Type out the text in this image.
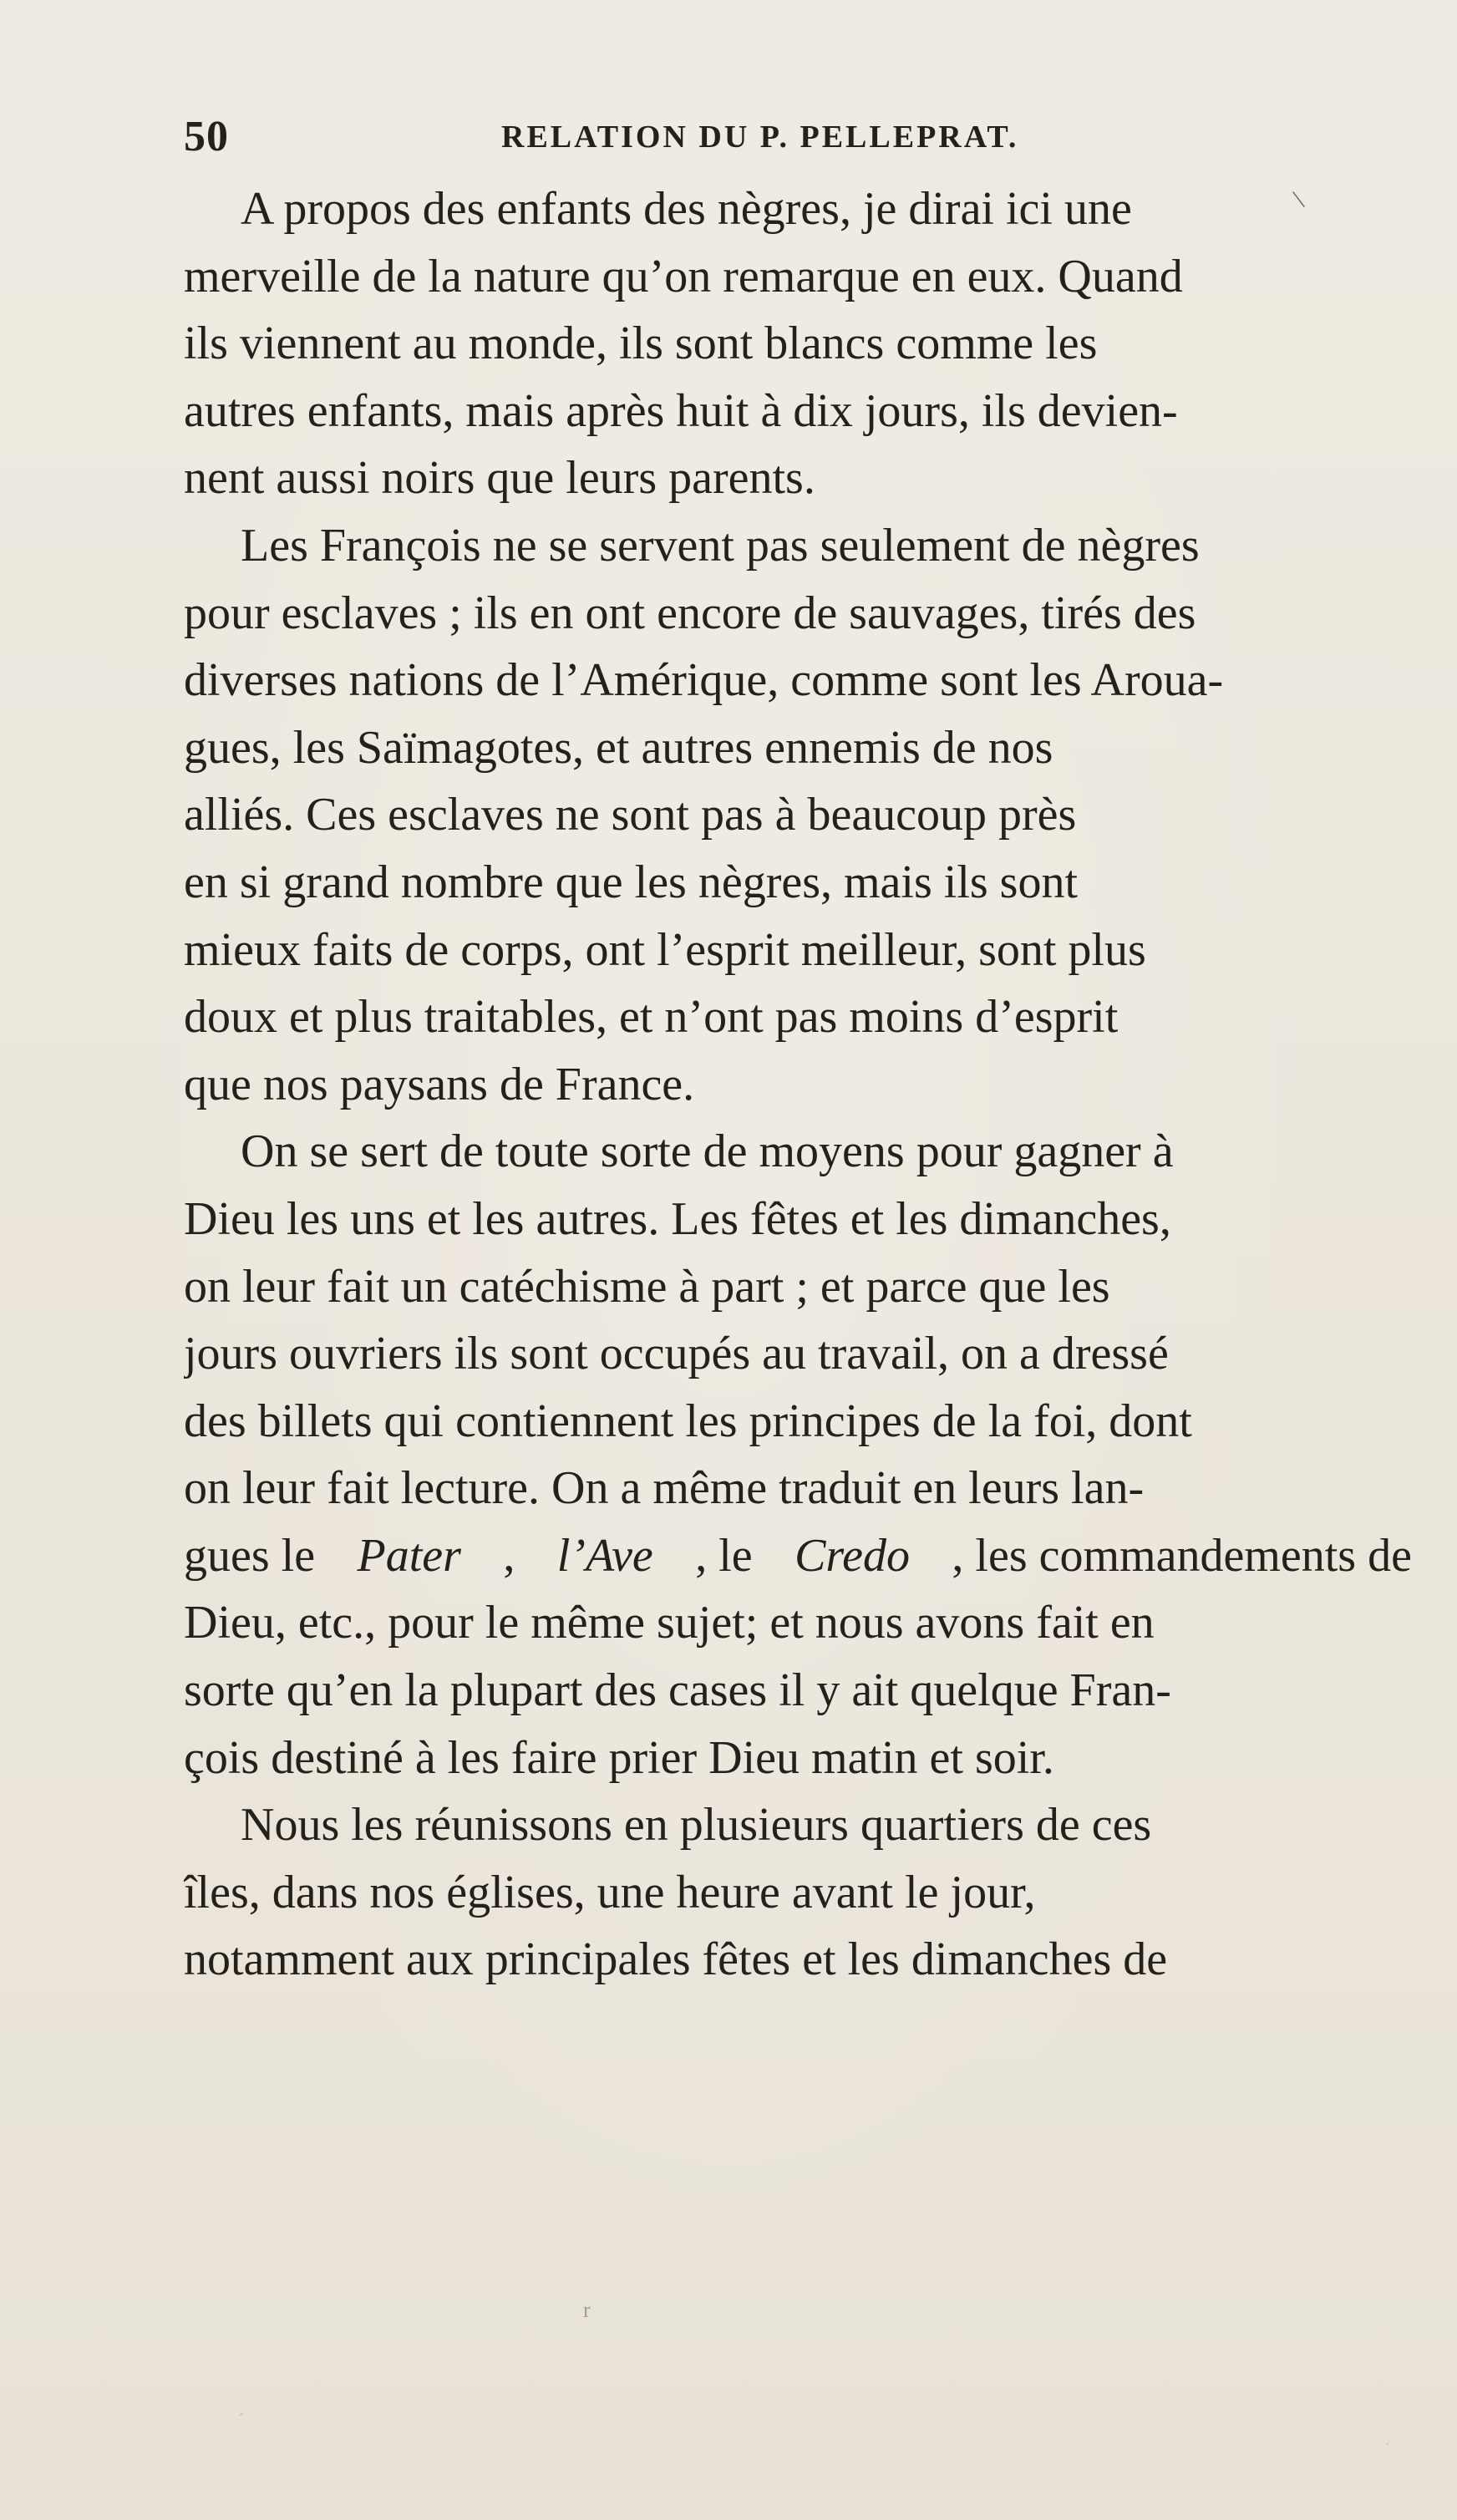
50	RELATION DU P. PELLEPRAT.
\
A propos des enfants des nègres, je dirai ici une
merveille de la nature qu’on remarque en eux. Quand
ils viennent au monde, ils sont blancs comme les
autres enfants, mais après huit à dix jours, ils devien-
nent aussi noirs que leurs parents.
Les François ne se servent pas seulement de nègres
pour esclaves ; ils en ont encore de sauvages, tirés des
diverses nations de l’Amérique, comme sont les Aroua-
gues, les Saïmagotes, et autres ennemis de nos
alliés. Ces esclaves ne sont pas à beaucoup près
en si grand nombre que les nègres, mais ils sont
mieux faits de corps, ont l’esprit meilleur, sont plus
doux et plus traitables, et n’ont pas moins d’esprit
que nos paysans de France.
On se sert de toute sorte de moyens pour gagner à
Dieu les uns et les autres. Les fêtes et les dimanches,
on leur fait un catéchisme à part ; et parce que les
jours ouvriers ils sont occupés au travail, on a dressé
des billets qui contiennent les principes de la foi, dont
on leur fait lecture. On a même traduit en leurs lan-
gues le Pater , l’Ave , le Credo , les commandements de
Dieu, etc., pour le même sujet; et nous avons fait en
sorte qu’en la plupart des cases il y ait quelque Fran-
çois destiné à les faire prier Dieu matin et soir.
Nous les réunissons en plusieurs quartiers de ces
îles, dans nos églises, une heure avant le jour,
notamment aux principales fêtes et les dimanches de
r
-
.
